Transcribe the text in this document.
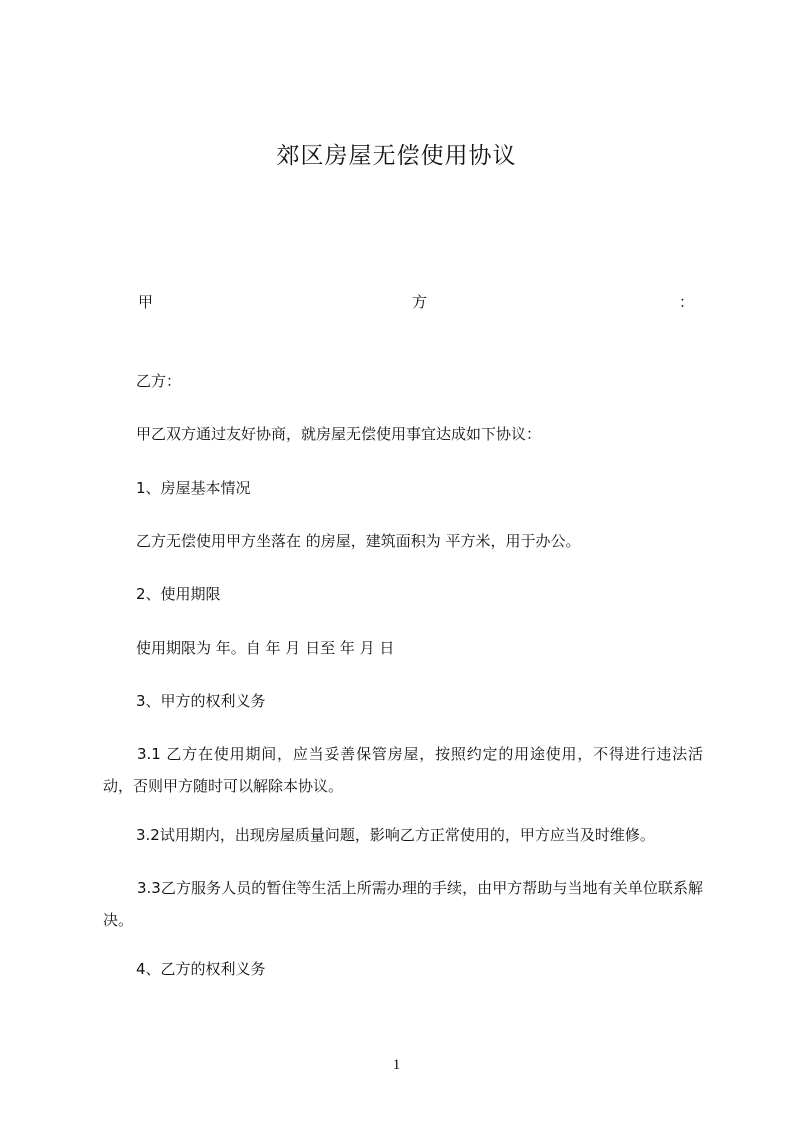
郊区房屋无偿使用协议
甲	方	：
乙方：
甲乙双方通过友好协商，就房屋无偿使用事宜达成如下协议：
1、房屋基本情况
乙方无偿使用甲方坐落在 的房屋，建筑面积为 平方米，用于办公。
2、使用期限
使用期限为 年。自 年 月 日至 年 月 日
3、甲方的权利义务
3.1 乙方在使用期间，应当妥善保管房屋，按照约定的用途使用，不得进行违法活动，否则甲方随时可以解除本协议。
3.2试用期内，出现房屋质量问题，影响乙方正常使用的，甲方应当及时维修。
3.3乙方服务人员的暂住等生活上所需办理的手续，由甲方帮助与当地有关单位联系解决。
4、乙方的权利义务
1
